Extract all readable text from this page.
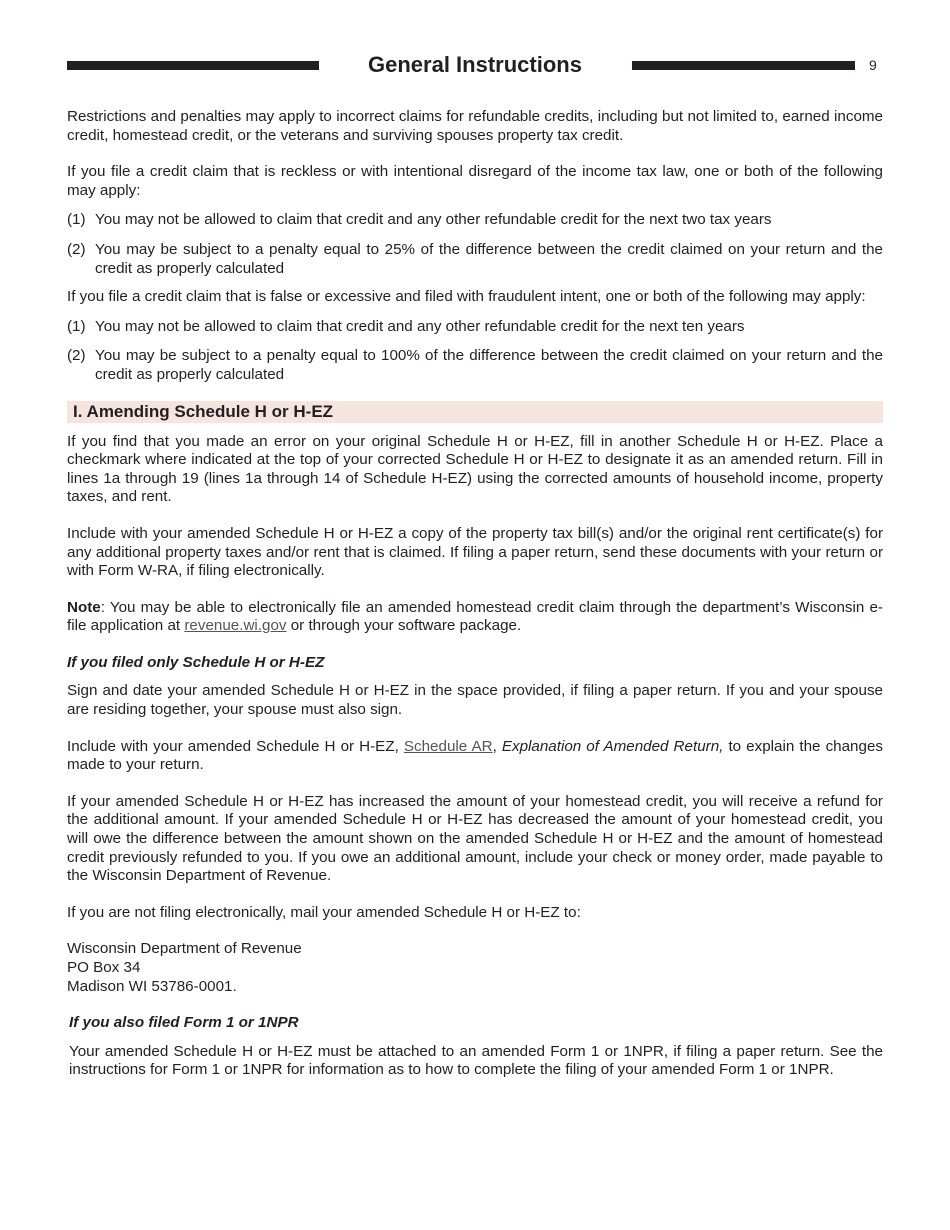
General Instructions	9

Restrictions and penalties may apply to incorrect claims for refundable credits, including but not limited to, earned income credit, homestead credit, or the veterans and surviving spouses property tax credit.

If you file a credit claim that is reckless or with intentional disregard of the income tax law, one or both of the following may apply:

(1) You may not be allowed to claim that credit and any other refundable credit for the next two tax years
(2) You may be subject to a penalty equal to 25% of the difference between the credit claimed on your return and the credit as properly calculated

If you file a credit claim that is false or excessive and filed with fraudulent intent, one or both of the following may apply:

(1) You may not be allowed to claim that credit and any other refundable credit for the next ten years
(2) You may be subject to a penalty equal to 100% of the difference between the credit claimed on your return and the credit as properly calculated
I. Amending Schedule H or H-EZ

If you find that you made an error on your original Schedule H or H-EZ, fill in another Schedule H or H-EZ. Place a checkmark where indicated at the top of your corrected Schedule H or H-EZ to designate it as an amended return. Fill in lines 1a through 19 (lines 1a through 14 of Schedule H-EZ) using the corrected amounts of household income, property taxes, and rent.

Include with your amended Schedule H or H-EZ a copy of the property tax bill(s) and/or the original rent certificate(s) for any additional property taxes and/or rent that is claimed. If filing a paper return, send these documents with your return or with Form W-RA, if filing electronically.

Note: You may be able to electronically file an amended homestead credit claim through the department’s Wisconsin e-file application at revenue.wi.gov or through your software package.

If you filed only Schedule H or H-EZ

Sign and date your amended Schedule H or H-EZ in the space provided, if filing a paper return. If you and your spouse are residing together, your spouse must also sign.

Include with your amended Schedule H or H-EZ, Schedule AR, Explanation of Amended Return, to explain the changes made to your return.

If your amended Schedule H or H-EZ has increased the amount of your homestead credit, you will receive a refund for the additional amount. If your amended Schedule H or H-EZ has decreased the amount of your homestead credit, you will owe the difference between the amount shown on the amended Schedule H or H-EZ and the amount of homestead credit previously refunded to you. If you owe an additional amount, include your check or money order, made payable to the Wisconsin Department of Revenue.

If you are not filing electronically, mail your amended Schedule H or H-EZ to:

Wisconsin Department of Revenue
PO Box 34
Madison WI 53786-0001.
If you also filed Form 1 or 1NPR

Your amended Schedule H or H-EZ must be attached to an amended Form 1 or 1NPR, if filing a paper return. See the instructions for Form 1 or 1NPR for information as to how to complete the filing of your amended Form 1 or 1NPR.
